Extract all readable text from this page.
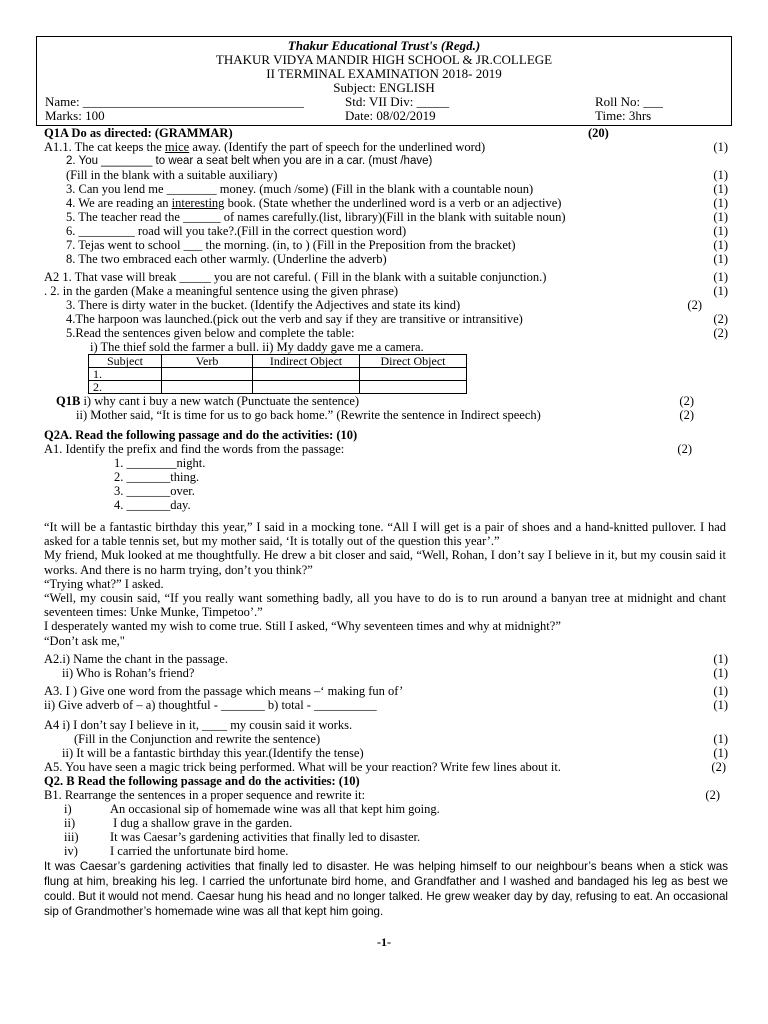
Thakur Educational Trust's (Regd.)
THAKUR VIDYA MANDIR HIGH SCHOOL & JR.COLLEGE
II TERMINAL EXAMINATION 2018- 2019
Subject: ENGLISH
Name: __________________________________	Std: VII Div: _____	Roll No: ___
Marks: 100	Date: 08/02/2019	Time: 3hrs
Q1A Do as directed: (GRAMMAR)	(20)
A1.1. The cat keeps the mice away. (Identify the part of speech for the underlined word)	(1)
2. You ________ to wear a seat belt when you are in a car. (must /have)
(Fill in the blank with a suitable auxiliary)	(1)
3. Can you lend me ________ money. (much /some) (Fill in the blank with a countable noun)	(1)
4. We are reading an interesting book. (State whether the underlined word is a verb or an adjective)	(1)
5. The teacher read the ______ of names carefully.(list, library)(Fill in the blank with suitable noun)	(1)
6. _________ road will you take?.(Fill in the correct question word)	(1)
7. Tejas went to school ___ the morning. (in, to ) (Fill in the Preposition from the bracket)	(1)
8. The two embraced each other warmly. (Underline the adverb)	(1)
A2 1. That vase will break _____ you are not careful. ( Fill in the blank with a suitable conjunction.)	(1)
. 2. in the garden (Make a meaningful sentence using the given phrase)	(1)
3. There is dirty water in the bucket. (Identify the Adjectives and state its kind)	(2)
4.The harpoon was launched.(pick out the verb and say if they are transitive or intransitive)	(2)
5.Read the sentences given below and complete the table:	(2)
i) The thief sold the farmer a bull. ii) My daddy gave me a camera.
Subject	Verb	Indirect Object	Direct Object
1.			
2.			
Q1B i) why cant i buy a new watch (Punctuate the sentence)	(2)
ii) Mother said, “It is time for us to go back home.” (Rewrite the sentence in Indirect speech)	(2)
Q2A. Read the following passage and do the activities: (10)
A1. Identify the prefix and find the words from the passage:	(2)
1. ________night.
2. _______thing.
3. _______over.
4. _______day.
“It will be a fantastic birthday this year,” I said in a mocking tone. “All I will get is a pair of shoes and a hand-knitted pullover. I had asked for a table tennis set, but my mother said, ‘It is totally out of the question this year’.”
My friend, Muk looked at me thoughtfully. He drew a bit closer and said, “Well, Rohan, I don’t say I believe in it, but my cousin said it works. And there is no harm trying, don’t you think?”
“Trying what?” I asked.
“Well, my cousin said, “If you really want something badly, all you have to do is to run around a banyan tree at midnight and chant seventeen times: Unke Munke, Timpetoo’.”
I desperately wanted my wish to come true. Still I asked, “Why seventeen times and why at midnight?”
“Don’t ask me,"
A2.i) Name the chant in the passage.	(1)
ii) Who is Rohan’s friend?	(1)
A3. I ) Give one word from the passage which means –‘ making fun of’	(1)
ii) Give adverb of – a) thoughtful - _______ b) total - __________	(1)
A4 i) I don’t say I believe in it, ____ my cousin said it works.
(Fill in the Conjunction and rewrite the sentence)	(1)
ii) It will be a fantastic birthday this year.(Identify the tense)	(1)
A5. You have seen a magic trick being performed. What will be your reaction? Write few lines about it.	(2)
Q2. B Read the following passage and do the activities: (10)
B1. Rearrange the sentences in a proper sequence and rewrite it:	(2)
i)	An occasional sip of homemade wine was all that kept him going.
ii)	I dug a shallow grave in the garden.
iii)	It was Caesar’s gardening activities that finally led to disaster.
iv)	I carried the unfortunate bird home.
It was Caesar’s gardening activities that finally led to disaster. He was helping himself to our neighbour’s beans when a stick was flung at him, breaking his leg. I carried the unfortunate bird home, and Grandfather and I washed and bandaged his leg as best we could. But it would not mend. Caesar hung his head and no longer talked. He grew weaker day by day, refusing to eat. An occasional sip of Grandmother’s homemade wine was all that kept him going.
-1-
